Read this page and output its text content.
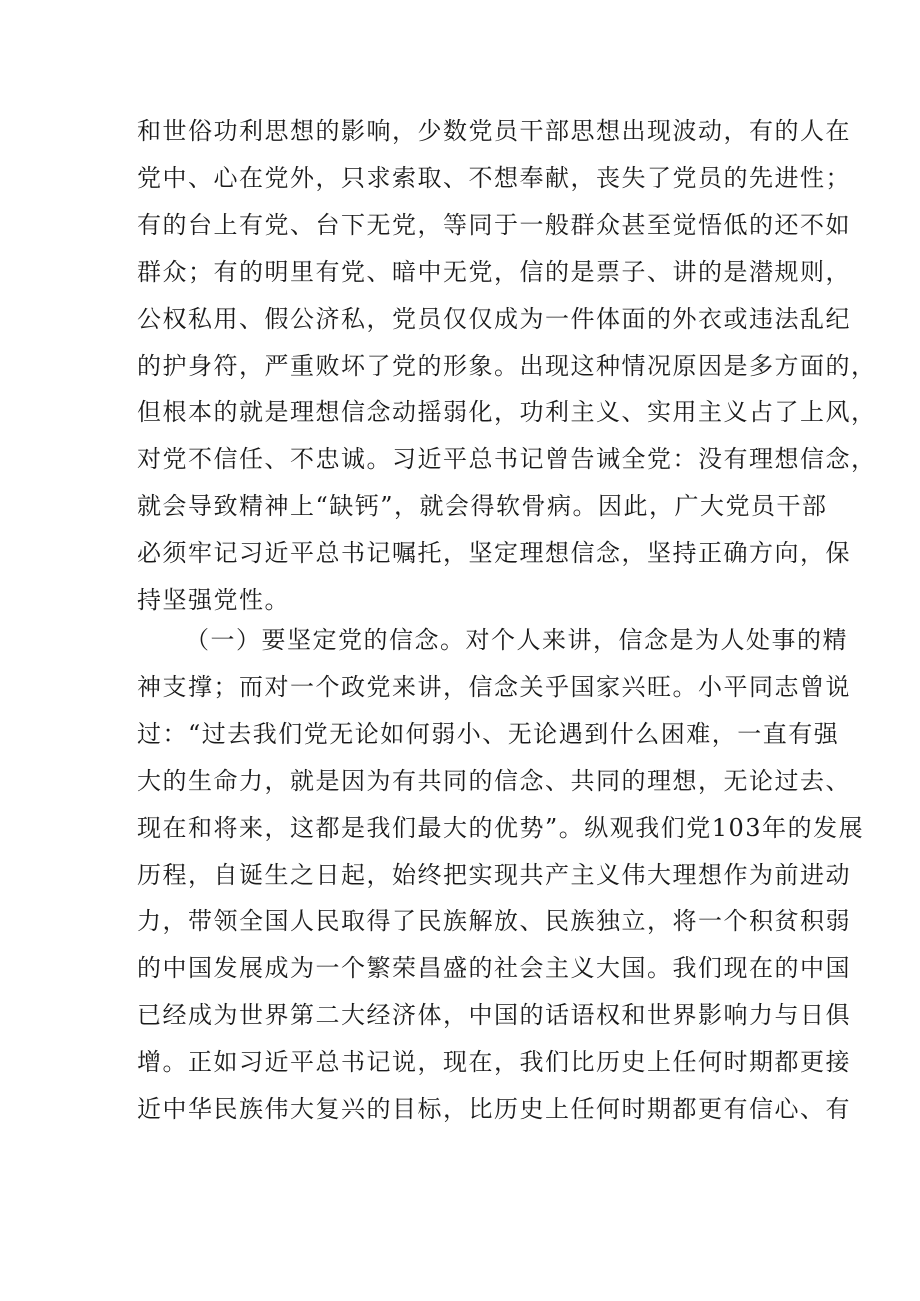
和世俗功利思想的影响，少数党员干部思想出现波动，有的人在
党中、心在党外，只求索取、不想奉献，丧失了党员的先进性；
有的台上有党、台下无党，等同于一般群众甚至觉悟低的还不如
群众；有的明里有党、暗中无党，信的是票子、讲的是潜规则，
公权私用、假公济私，党员仅仅成为一件体面的外衣或违法乱纪
的护身符，严重败坏了党的形象。出现这种情况原因是多方面的，
但根本的就是理想信念动摇弱化，功利主义、实用主义占了上风，
对党不信任、不忠诚。习近平总书记曾告诫全党：没有理想信念，
就会导致精神上“缺钙”，就会得软骨病。因此，广大党员干部
必须牢记习近平总书记嘱托，坚定理想信念，坚持正确方向，保
持坚强党性。

（一）要坚定党的信念。对个人来讲，信念是为人处事的精
神支撑；而对一个政党来讲，信念关乎国家兴旺。小平同志曾说
过：“过去我们党无论如何弱小、无论遇到什么困难，一直有强
大的生命力，就是因为有共同的信念、共同的理想，无论过去、
现在和将来，这都是我们最大的优势”。纵观我们党103年的发展
历程，自诞生之日起，始终把实现共产主义伟大理想作为前进动
力，带领全国人民取得了民族解放、民族独立，将一个积贫积弱
的中国发展成为一个繁荣昌盛的社会主义大国。我们现在的中国
已经成为世界第二大经济体，中国的话语权和世界影响力与日俱
增。正如习近平总书记说，现在，我们比历史上任何时期都更接
近中华民族伟大复兴的目标，比历史上任何时期都更有信心、有
